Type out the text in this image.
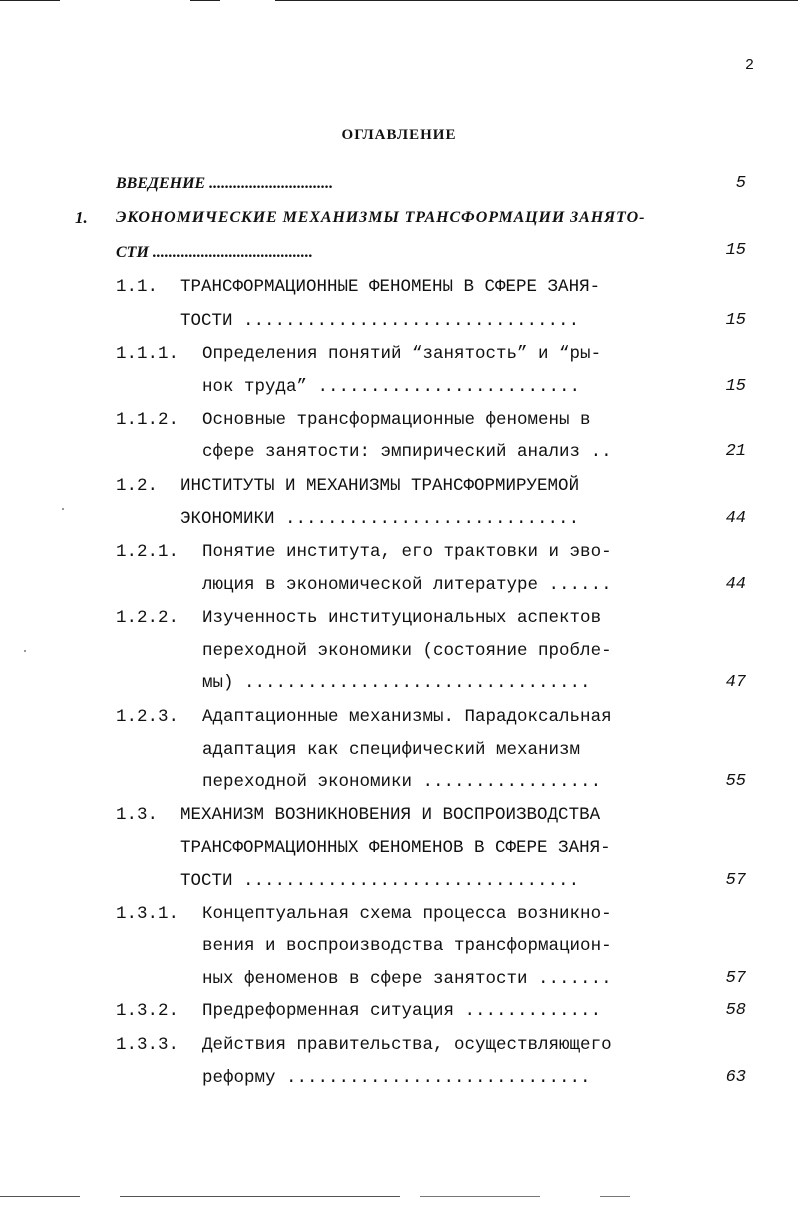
2
ОГЛАВЛЕНИЕ
ВВЕДЕНИЕ ...............................	5
1. ЭКОНОМИЧЕСКИЕ МЕХАНИЗМЫ ТРАНСФОРМАЦИИ ЗАНЯТО-
СТИ ........................................	15
1.1. ТРАНСФОРМАЦИОННЫЕ ФЕНОМЕНЫ В СФЕРЕ ЗАНЯ-
ТОСТИ ................................	15
1.1.1. Определения понятий “занятость” и “ры-
нок труда” .........................	15
1.1.2. Основные трансформационные феномены в
сфере занятости: эмпирический анализ ..	21
1.2. ИНСТИТУТЫ И МЕХАНИЗМЫ ТРАНСФОРМИРУЕМОЙ
ЭКОНОМИКИ ............................	44
1.2.1. Понятие института, его трактовки и эво-
люция в экономической литературе ......	44
1.2.2. Изученность институциональных аспектов
переходной экономики (состояние пробле-
мы) .................................	47
1.2.3. Адаптационные механизмы. Парадоксальная
адаптация как специфический механизм
переходной экономики .................	55
1.3. МЕХАНИЗМ ВОЗНИКНОВЕНИЯ И ВОСПРОИЗВОДСТВА
ТРАНСФОРМАЦИОННЫХ ФЕНОМЕНОВ В СФЕРЕ ЗАНЯ-
ТОСТИ ................................	57
1.3.1. Концептуальная схема процесса возникно-
вения и воспроизводства трансформацион-
ных феноменов в сфере занятости .......	57
1.3.2. Предреформенная ситуация .............	58
1.3.3. Действия правительства, осуществляющего
реформу .............................	63
